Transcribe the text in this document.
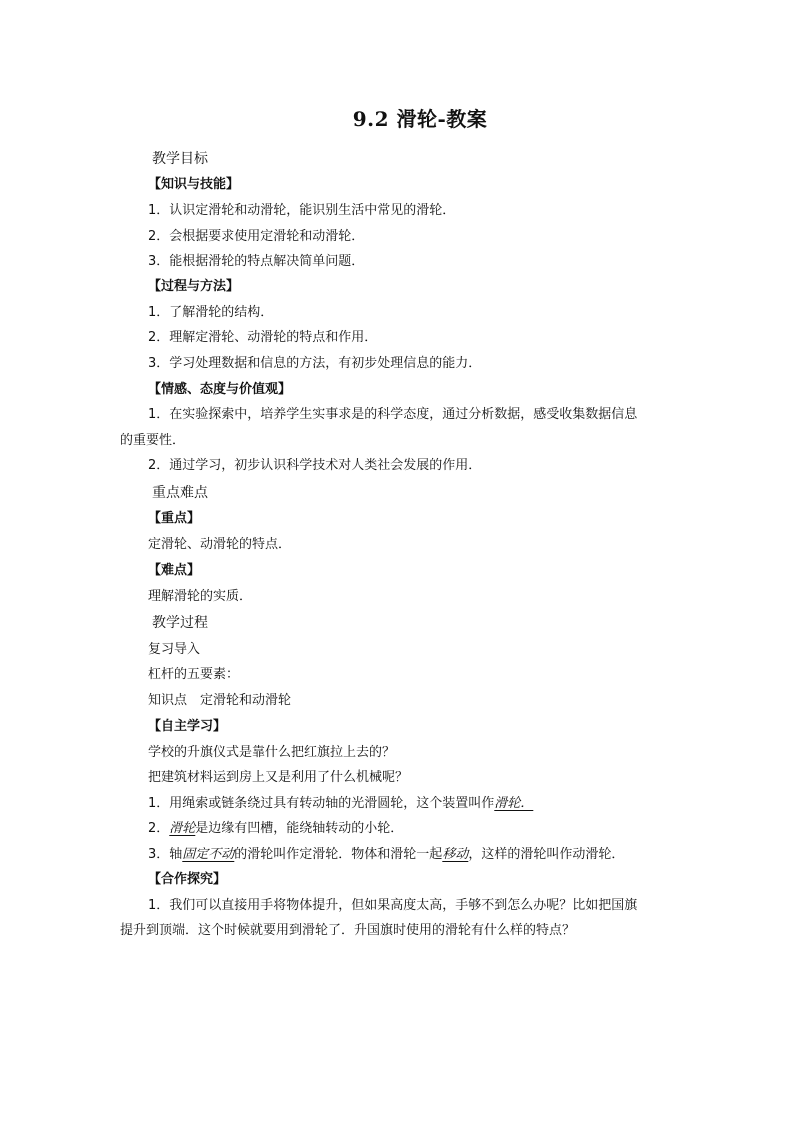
9.2 滑轮-教案
教学目标
【知识与技能】
1．认识定滑轮和动滑轮，能识别生活中常见的滑轮．
2．会根据要求使用定滑轮和动滑轮．
3．能根据滑轮的特点解决简单问题．
【过程与方法】
1．了解滑轮的结构．
2．理解定滑轮、动滑轮的特点和作用．
3．学习处理数据和信息的方法，有初步处理信息的能力．
【情感、态度与价值观】
1．在实验探索中，培养学生实事求是的科学态度，通过分析数据，感受收集数据信息
的重要性．
2．通过学习，初步认识科学技术对人类社会发展的作用．
重点难点
【重点】
定滑轮、动滑轮的特点．
【难点】
理解滑轮的实质．
教学过程
复习导入
杠杆的五要素：
知识点　定滑轮和动滑轮
【自主学习】
学校的升旗仪式是靠什么把红旗拉上去的？
把建筑材料运到房上又是利用了什么机械呢？
1．用绳索或链条绕过具有转动轴的光滑圆轮，这个装置叫作滑轮．
2．滑轮是边缘有凹槽，能绕轴转动的小轮．
3．轴固定不动的滑轮叫作定滑轮．物体和滑轮一起移动，这样的滑轮叫作动滑轮．
【合作探究】
1．我们可以直接用手将物体提升，但如果高度太高，手够不到怎么办呢？比如把国旗
提升到顶端．这个时候就要用到滑轮了．升国旗时使用的滑轮有什么样的特点？
